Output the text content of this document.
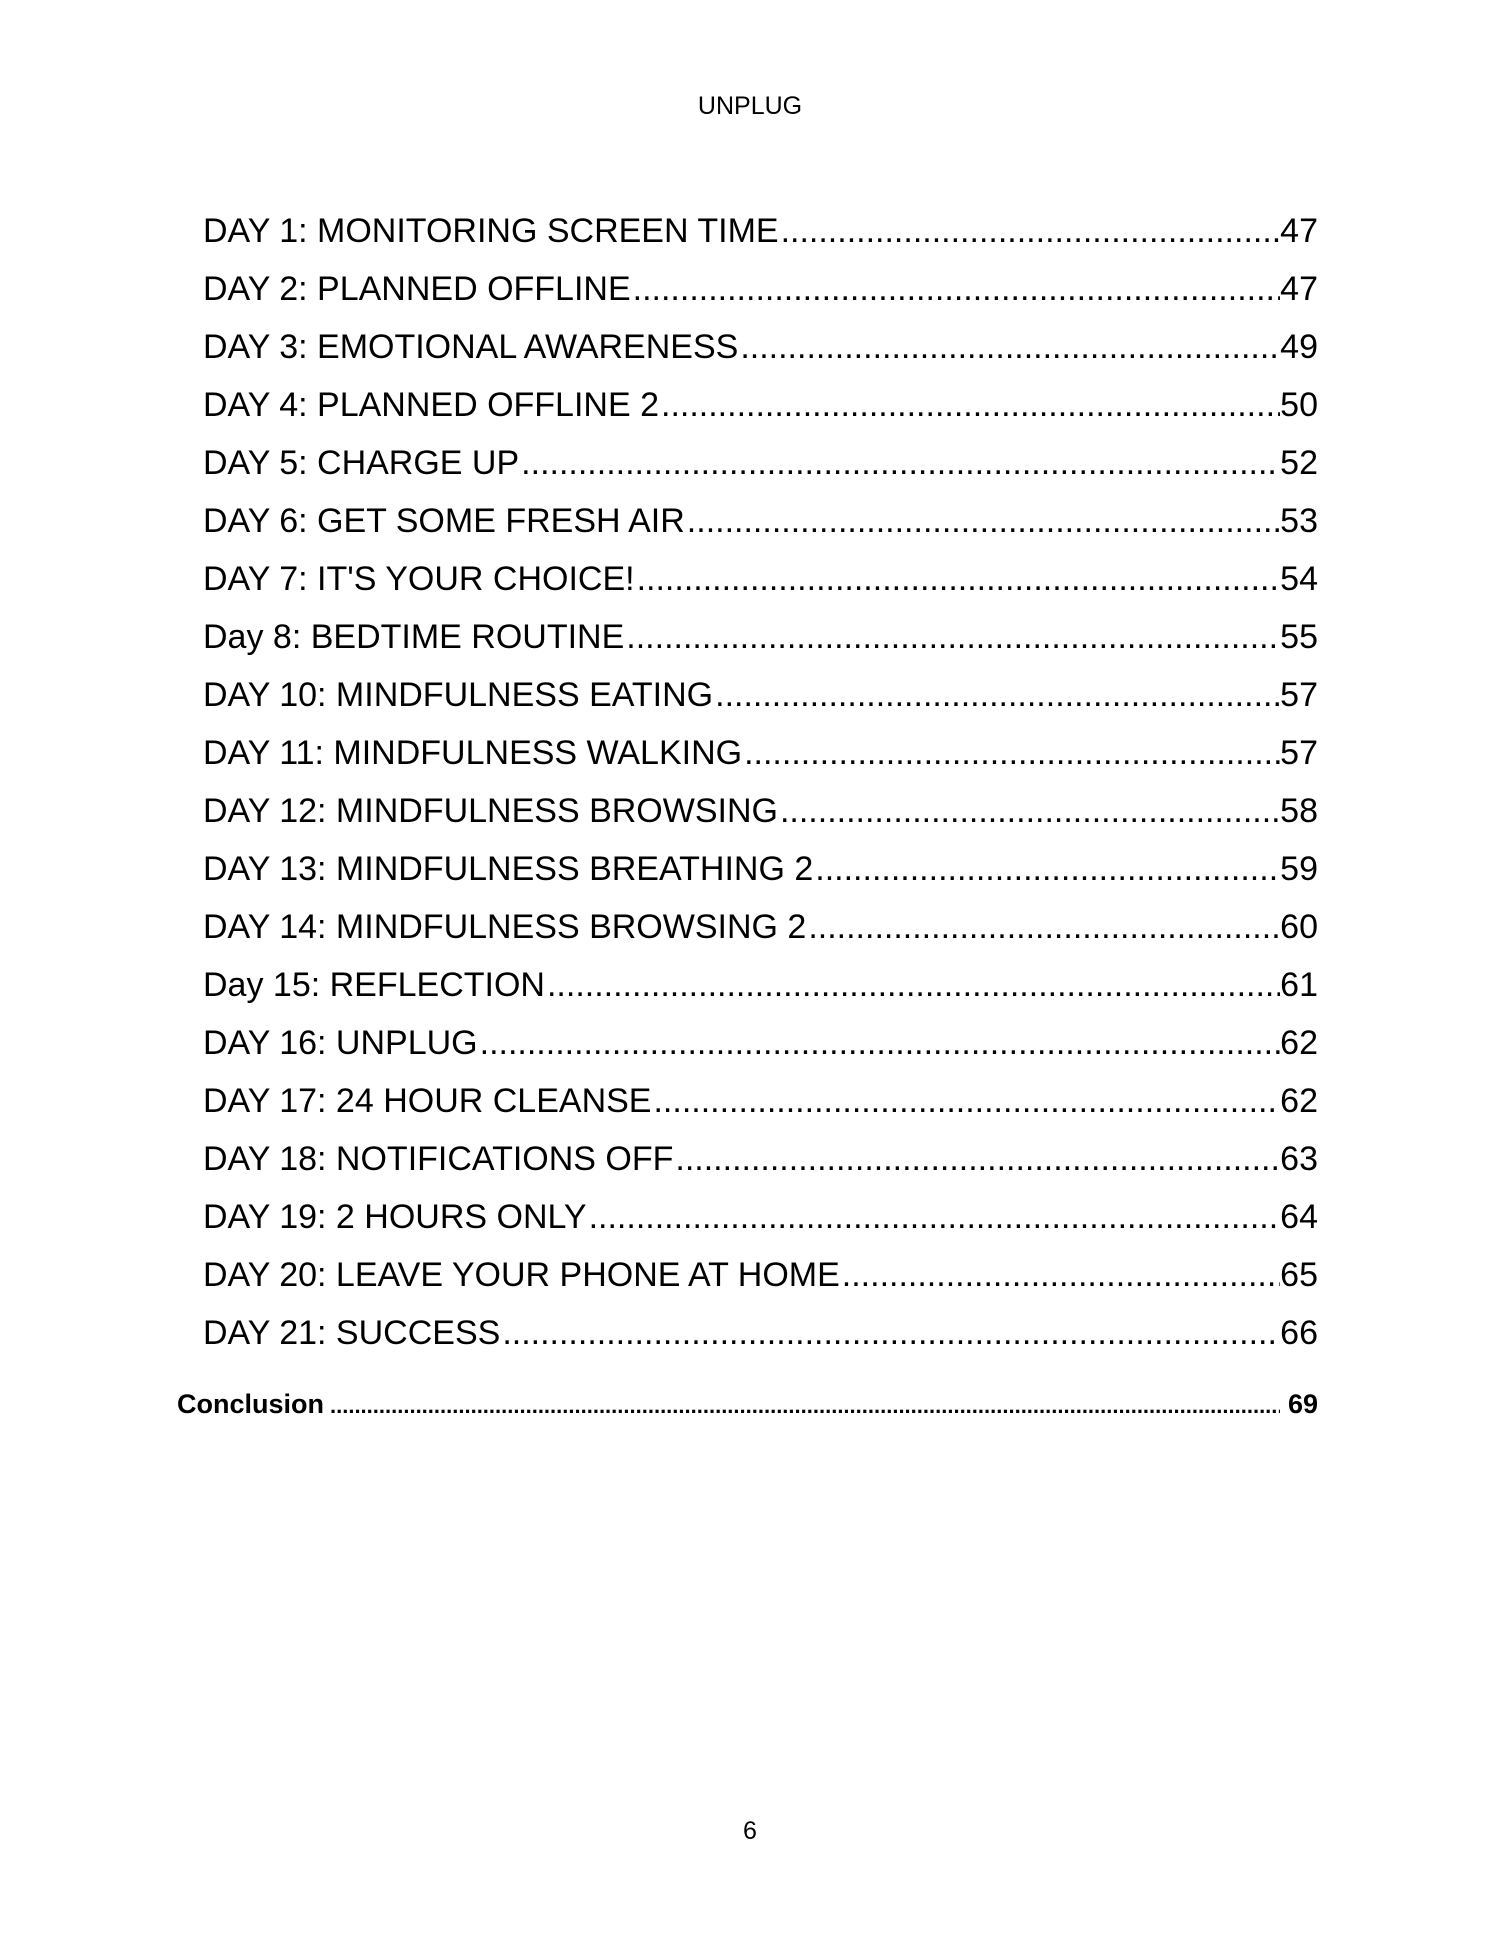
UNPLUG
DAY 1: MONITORING SCREEN TIME .....	47
DAY 2: PLANNED OFFLINE .....	47
DAY 3: EMOTIONAL AWARENESS .....	49
DAY 4: PLANNED OFFLINE 2 .....	50
DAY 5: CHARGE UP .....	52
DAY 6: GET SOME FRESH AIR .....	53
DAY 7: IT'S YOUR CHOICE! .....	54
Day 8: BEDTIME ROUTINE .....	55
DAY 10: MINDFULNESS EATING .....	57
DAY 11: MINDFULNESS WALKING .....	57
DAY 12: MINDFULNESS BROWSING .....	58
DAY 13: MINDFULNESS BREATHING 2 .....	59
DAY 14: MINDFULNESS BROWSING 2 .....	60
Day 15: REFLECTION .....	61
DAY 16: UNPLUG .....	62
DAY 17: 24 HOUR CLEANSE .....	62
DAY 18: NOTIFICATIONS OFF .....	63
DAY 19: 2 HOURS ONLY .....	64
DAY 20: LEAVE YOUR PHONE AT HOME .....	65
DAY 21: SUCCESS .....	66
Conclusion .....	69
6
